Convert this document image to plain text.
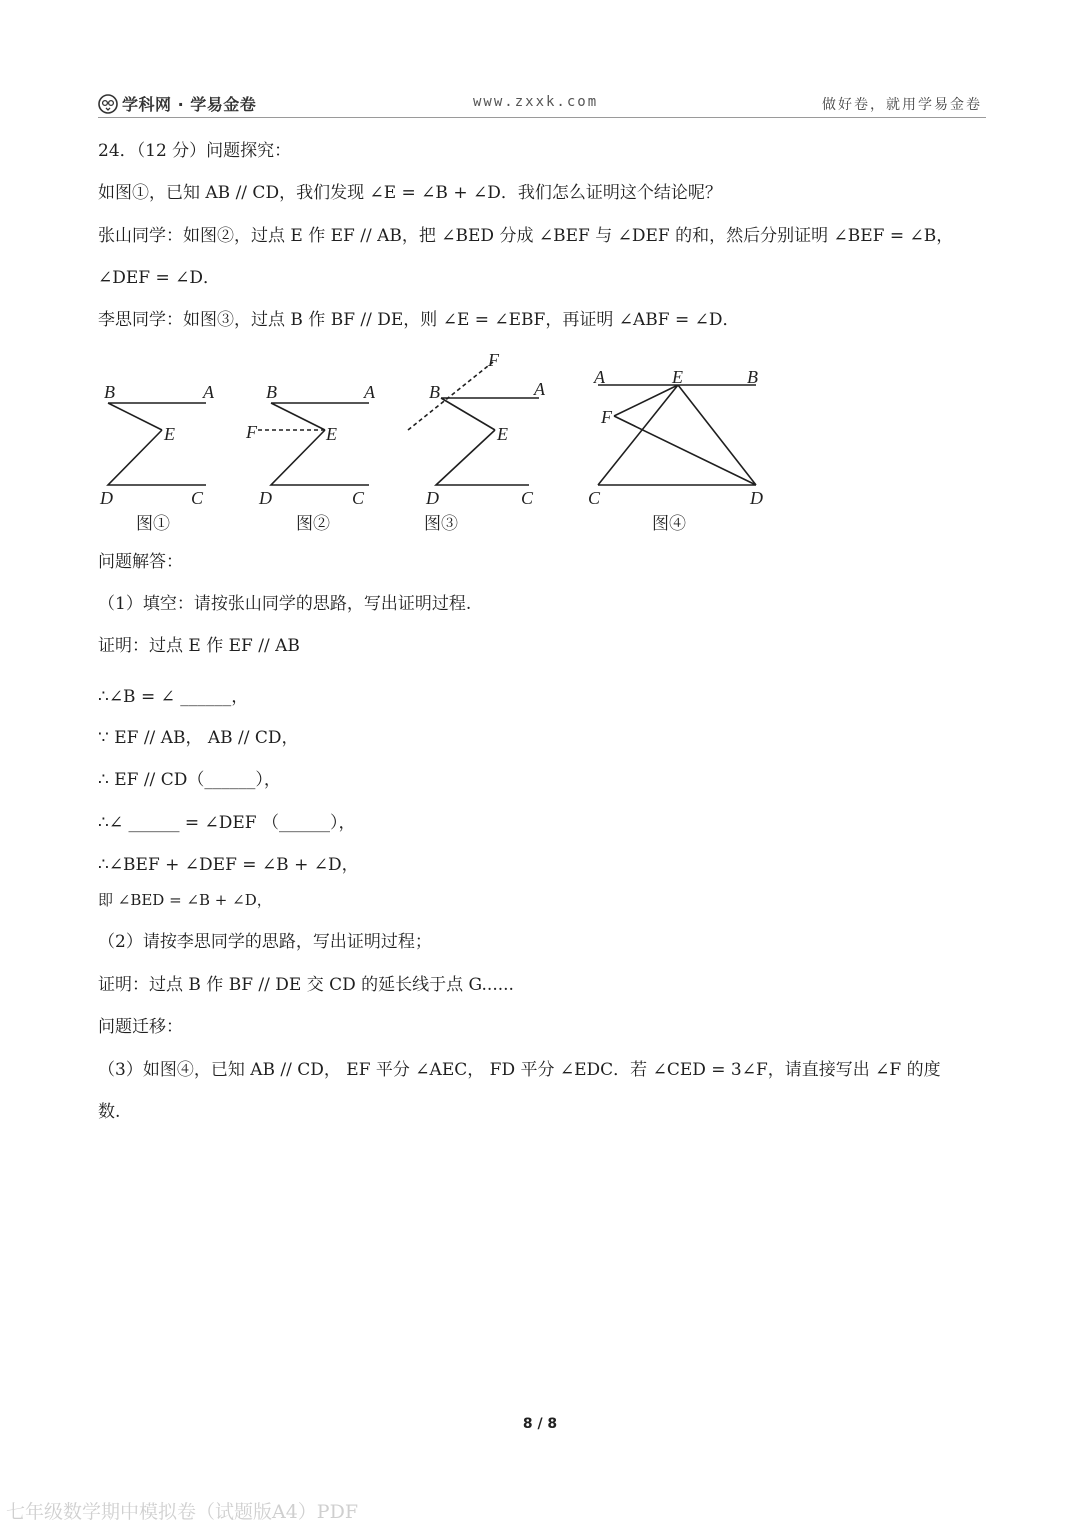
学科网 · 学易金卷	www.zxxk.com	做好卷，就用学易金卷
24．（12 分）问题探究：
如图①，已知 AB // CD，我们发现 ∠E = ∠B + ∠D．我们怎么证明这个结论呢？
张山同学：如图②，过点 E 作 EF // AB，把 ∠BED 分成 ∠BEF 与 ∠DEF 的和，然后分别证明 ∠BEF = ∠B，
∠DEF = ∠D．
李思同学：如图③，过点 B 作 BF // DE，则 ∠E = ∠EBF，再证明 ∠ABF = ∠D．
B	A
E
D	C
B	A
F	E
D	C
F
B	A
E
D	C
A	E	B
F
C	D
图①	图②	图③	图④
问题解答：
（1）填空：请按张山同学的思路，写出证明过程.
证明：过点 E 作 EF // AB
∴∠B = ∠ ______，
∵ EF // AB， AB // CD，
∴ EF // CD（______），
∴∠ ______ = ∠DEF （______），
∴∠BEF + ∠DEF = ∠B + ∠D，
即 ∠BED = ∠B + ∠D，
（2）请按李思同学的思路，写出证明过程；
证明：过点 B 作 BF // DE 交 CD 的延长线于点 G......
问题迁移：
（3）如图④，已知 AB // CD， EF 平分 ∠AEC， FD 平分 ∠EDC．若 ∠CED = 3∠F，请直接写出 ∠F 的度
数.
8 / 8
七年级数学期中模拟卷（试题版A4）PDF
